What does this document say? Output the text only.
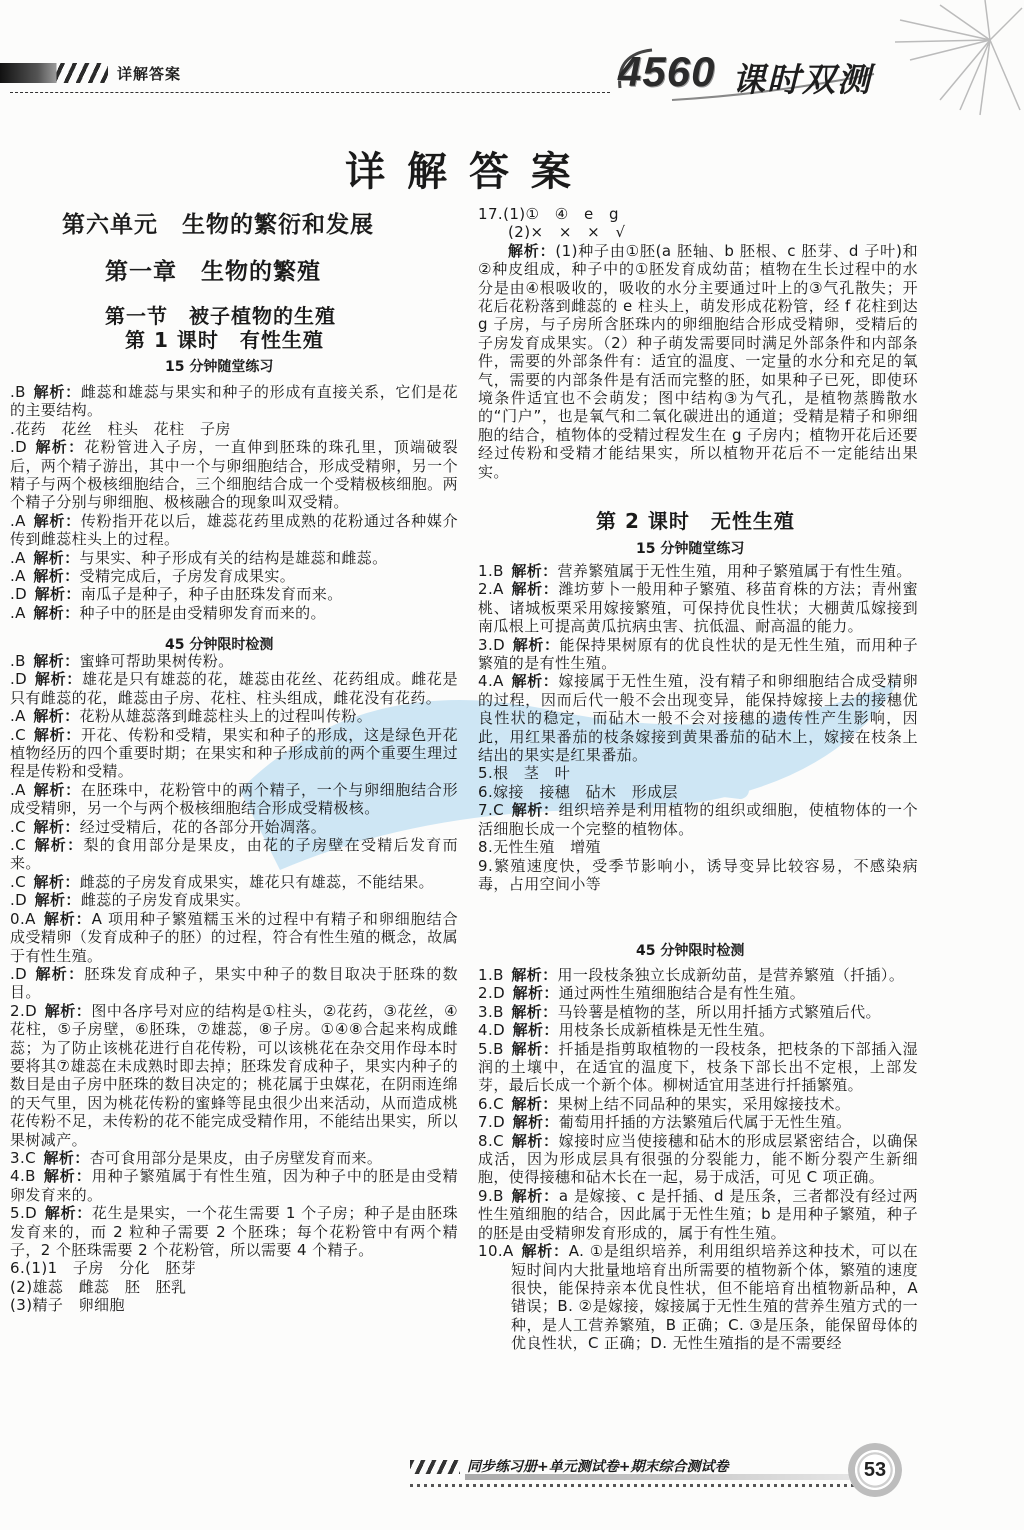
详解答案	4560 课时双测
详 解 答 案
第六单元　生物的繁衍和发展
第一章　生物的繁殖
第一节　被子植物的生殖
第 1 课时　有性生殖
15 分钟随堂练习

.B 解析：雌蕊和雄蕊与果实和种子的形成有直接关系，它们是花的主要结构。

.花药　花丝　柱头　花柱　子房

.D 解析：花粉管进入子房，一直伸到胚珠的珠孔里，顶端破裂后，两个精子游出，其中一个与卵细胞结合，形成受精卵，另一个精子与两个极核细胞结合，三个细胞结合成一个受精极核细胞。两个精子分别与卵细胞、极核融合的现象叫双受精。

.A 解析：传粉指开花以后，雄蕊花药里成熟的花粉通过各种媒介传到雌蕊柱头上的过程。

.A 解析：与果实、种子形成有关的结构是雄蕊和雌蕊。

.A 解析：受精完成后，子房发育成果实。

.D 解析：南瓜子是种子，种子由胚珠发育而来。

.A 解析：种子中的胚是由受精卵发育而来的。

45 分钟限时检测

.B 解析：蜜蜂可帮助果树传粉。

.D 解析：雄花是只有雄蕊的花，雄蕊由花丝、花药组成。雌花是只有雌蕊的花，雌蕊由子房、花柱、柱头组成，雌花没有花药。

.A 解析：花粉从雄蕊落到雌蕊柱头上的过程叫传粉。

.C 解析：开花、传粉和受精，果实和种子的形成，这是绿色开花植物经历的四个重要时期；在果实和种子形成前的两个重要生理过程是传粉和受精。

.A 解析：在胚珠中，花粉管中的两个精子，一个与卵细胞结合形成受精卵，另一个与两个极核细胞结合形成受精极核。

.C 解析：经过受精后，花的各部分开始凋落。

.C 解析：梨的食用部分是果皮，由花的子房壁在受精后发育而来。

.C 解析：雌蕊的子房发育成果实，雄花只有雄蕊，不能结果。

.D 解析：雌蕊的子房发育成果实。

0.A 解析：A 项用种子繁殖糯玉米的过程中有精子和卵细胞结合成受精卵（发育成种子的胚）的过程，符合有性生殖的概念，故属于有性生殖。

.D 解析：胚珠发育成种子，果实中种子的数目取决于胚珠的数目。

2.D 解析：图中各序号对应的结构是①柱头，②花药，③花丝，④花柱，⑤子房壁，⑥胚珠，⑦雄蕊，⑧子房。①④⑧合起来构成雌蕊；为了防止该桃花进行自花传粉，可以该桃花在杂交用作母本时要将其⑦雄蕊在未成熟时即去掉；胚珠发育成种子，果实内种子的数目是由子房中胚珠的数目决定的；桃花属于虫媒花，在阴雨连绵的天气里，因为桃花传粉的蜜蜂等昆虫很少出来活动，从而造成桃花传粉不足，未传粉的花不能完成受精作用，不能结出果实，所以果树减产。

3.C 解析：杏可食用部分是果皮，由子房壁发育而来。

4.B 解析：用种子繁殖属于有性生殖，因为种子中的胚是由受精卵发育来的。

5.D 解析：花生是果实，一个花生需要 1 个子房；种子是由胚珠发育来的，而 2 粒种子需要 2 个胚珠；每个花粉管中有两个精子，2 个胚珠需要 2 个花粉管，所以需要 4 个精子。

6.(1)1　子房　分化　胚芽

(2)雄蕊　雌蕊　胚　胚乳

(3)精子　卵细胞

17.(1)①　④　e　g

(2)×　×　×　√

解析：(1)种子由①胚(a 胚轴、b 胚根、c 胚芽、d 子叶)和②种皮组成，种子中的①胚发育成幼苗；植物在生长过程中的水分是由④根吸收的，吸收的水分主要通过叶上的③气孔散失；开花后花粉落到雌蕊的 e 柱头上，萌发形成花粉管，经 f 花柱到达 g 子房，与子房所含胚珠内的卵细胞结合形成受精卵，受精后的子房发育成果实。（2）种子萌发需要同时满足外部条件和内部条件，需要的外部条件有：适宜的温度、一定量的水分和充足的氧气，需要的内部条件是有活而完整的胚，如果种子已死，即使环境条件适宜也不会萌发；图中结构③为气孔，是植物蒸腾散水的“门户”，也是氧气和二氧化碳进出的通道；受精是精子和卵细胞的结合，植物体的受精过程发生在 g 子房内；植物开花后还要经过传粉和受精才能结果实，所以植物开花后不一定能结出果实。

第 2 课时　无性生殖
15 分钟随堂练习

1.B 解析：营养繁殖属于无性生殖，用种子繁殖属于有性生殖。

2.A 解析：潍坊萝卜一般用种子繁殖、移苗育株的方法；青州蜜桃、诸城板栗采用嫁接繁殖，可保持优良性状；大棚黄瓜嫁接到南瓜根上可提高黄瓜抗病虫害、抗低温、耐高温的能力。

3.D 解析：能保持果树原有的优良性状的是无性生殖，而用种子繁殖的是有性生殖。

4.A 解析：嫁接属于无性生殖，没有精子和卵细胞结合成受精卵的过程，因而后代一般不会出现变异，能保持嫁接上去的接穗优良性状的稳定，而砧木一般不会对接穗的遗传性产生影响，因此，用红果番茄的枝条嫁接到黄果番茄的砧木上，嫁接在枝条上结出的果实是红果番茄。

5.根　茎　叶

6.嫁接　接穗　砧木　形成层

7.C 解析：组织培养是利用植物的组织或细胞，使植物体的一个活细胞长成一个完整的植物体。

8.无性生殖　增殖

9.繁殖速度快，受季节影响小，诱导变异比较容易，不感染病毒，占用空间小等

45 分钟限时检测

1.B 解析：用一段枝条独立长成新幼苗，是营养繁殖（扦插）。

2.D 解析：通过两性生殖细胞结合是有性生殖。

3.B 解析：马铃薯是植物的茎，所以用扦插方式繁殖后代。

4.D 解析：用枝条长成新植株是无性生殖。

5.B 解析：扦插是指剪取植物的一段枝条，把枝条的下部插入湿润的土壤中，在适宜的温度下，枝条下部长出不定根，上部发芽，最后长成一个新个体。柳树适宜用茎进行扦插繁殖。

6.C 解析：果树上结不同品种的果实，采用嫁接技术。

7.D 解析：葡萄用扦插的方法繁殖后代属于无性生殖。

8.C 解析：嫁接时应当使接穗和砧木的形成层紧密结合，以确保成活，因为形成层具有很强的分裂能力，能不断分裂产生新细胞，使得接穗和砧木长在一起，易于成活，可见 C 项正确。

9.B 解析：a 是嫁接、c 是扦插、d 是压条，三者都没有经过两性生殖细胞的结合，因此属于无性生殖；b 是用种子繁殖，种子的胚是由受精卵发育形成的，属于有性生殖。

10.A 解析：A. ①是组织培养，利用组织培养这种技术，可以在短时间内大批量地培育出所需要的植物新个体，繁殖的速度很快，能保持亲本优良性状，但不能培育出植物新品种，A 错误；B. ②是嫁接，嫁接属于无性生殖的营养生殖方式的一种，是人工营养繁殖，B 正确；C. ③是压条，能保留母体的优良性状，C 正确；D. 无性生殖指的是不需要经

同步练习册+单元测试卷+期末综合测试卷	53
